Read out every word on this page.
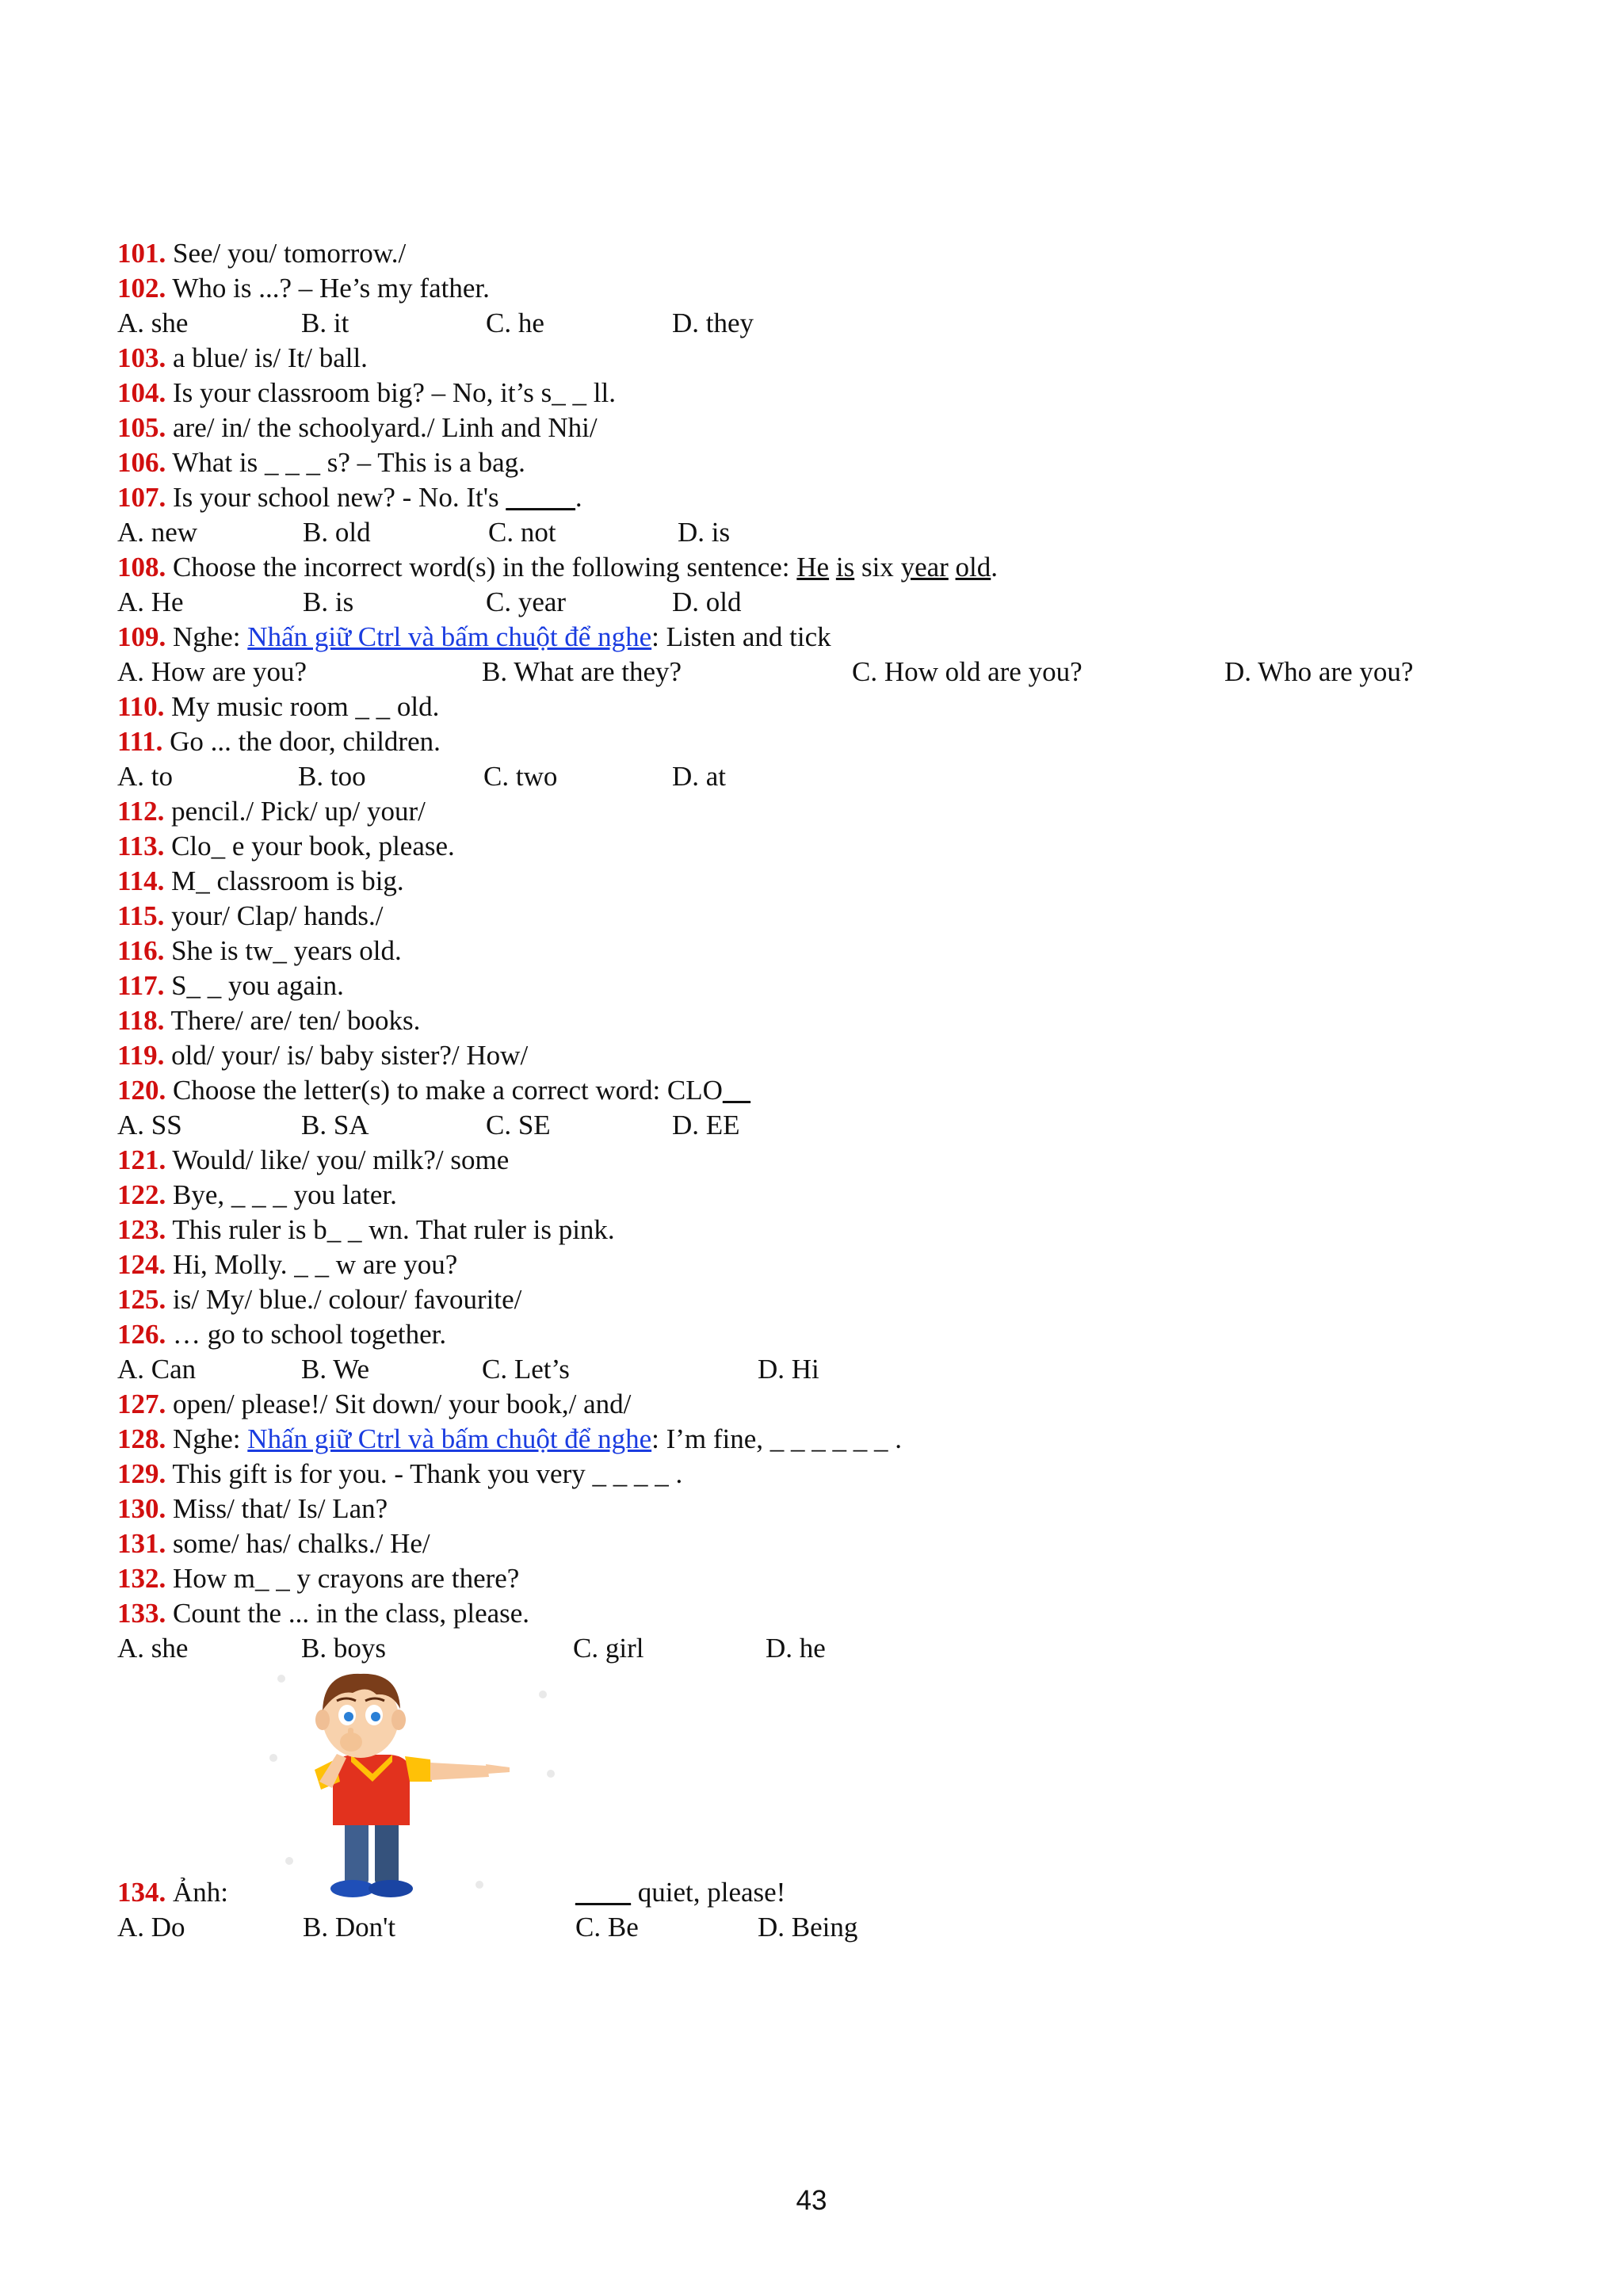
101. See/ you/ tomorrow./
102. Who is ...? – He’s my father.
A. she	B. it	C. he	D. they
103. a blue/ is/ It/ ball.
104. Is your classroom big? – No, it’s s_ _ ll.
105. are/ in/ the schoolyard./ Linh and Nhi/
106. What is _ _ _ s? – This is a bag.
107. Is your school new? - No. It's _____.
A. new	B. old	C. not	D. is
108. Choose the incorrect word(s) in the following sentence: He is six year old.
A. He	B. is	C. year	D. old
109. Nghe: Nhấn giữ Ctrl và bấm chuột để nghe: Listen and tick
A. How are you?	B. What are they?	C. How old are you?	D. Who are you?
110. My music room _ _ old.
111. Go ... the door, children.
A. to	B. too	C. two	D. at
112. pencil./ Pick/ up/ your/
113. Clo_ e your book, please.
114. M_ classroom is big.
115. your/ Clap/ hands./
116. She is tw_ years old.
117. S_ _ you again.
118. There/ are/ ten/ books.
119. old/ your/ is/ baby sister?/ How/
120. Choose the letter(s) to make a correct word: CLO__
A. SS	B. SA	C. SE	D. EE
121. Would/ like/ you/ milk?/ some
122. Bye, _ _ _ you later.
123. This ruler is b_ _ wn. That ruler is pink.
124. Hi, Molly. _ _ w are you?
125. is/ My/ blue./ colour/ favourite/
126. … go to school together.
A. Can	B. We	C. Let’s	D. Hi
127. open/ please!/ Sit down/ your book,/ and/
128. Nghe: Nhấn giữ Ctrl và bấm chuột để nghe: I’m fine, _ _ _ _ _ _ .
129. This gift is for you. - Thank you very _ _ _ _ .
130. Miss/ that/ Is/ Lan?
131. some/ has/ chalks./ He/
132. How m_ _ y crayons are there?
133. Count the ... in the class, please.
A. she	B. boys	C. girl	D. he
134. Ảnh:	____ quiet, please!
A. Do	B. Don't	C. Be	D. Being
43
